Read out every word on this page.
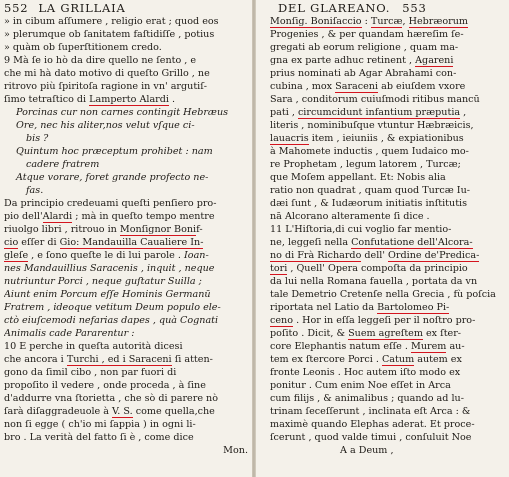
552 LA GRILLAIA
» in cibum aſſumere , religio erat ; quod eos
» plerumque ob ſanitatem faſtidiſſe , potius
» quàm ob ſuperſtitionem credo.
9 Mà ſe io hò da dire quello ne ſento , e
che mi hà dato motivo di queſto Grillo , ne
ritrovo più ſpiritoſa ragione in vn' argutiſ-
ſimo tetraſtico di Lamperto Alardi .
Porcinas cur non carnes contingit Hebræus
Ore, nec his aliter,nos velut vſque ci-
bis ?
Quintum hoc præceptum prohibet : nam
cadere fratrem
Atque vorare, foret grande profecto ne-
fas.
Da principio credeuami queſti penſiero pro-
pio dell'Alardi ; mà in queſto tempo mentre
riuolgo libri , ritrouo in Monſignor Bonif-
cio eſſer di Gio: Mandauilla Caualiere In-
gleſe , e ſono queſte le di lui parole . Ioan-
nes Mandauillius Saracenis , inquit , neque
nutriuntur Porci , neque guſtatur Suilla ;
Aiunt enim Porcum eſſe Hominis Germanū
Fratrem , ideoque vetitum Deum populo ele-
ctò eiuſcemodi nefarias dapes , quà Cognati
Animalis cade Pararentur :
10 E perche in queſta autorità dicesi
che ancora i Turchi , ed i Saraceni ſi atten-
gono da ſimil cibo , non par fuori di
propoſito il vedere , onde proceda , à ſine
d'addurre vna ſtorietta , che sò di parere nò
ſarà diſaggradeuole à V. S. come quella,che
non ſi egge ( ch'io mi ſappia ) in ogni li-
bro . La verità del fatto ſi è , come dice
Mon.
DEL GLAREANO. 553
Monſig. Boniſaccio : Turcæ, Hebræorum
Progenies , & per quandam hæreſim ſe-
gregati ab eorum religione , quam ma-
gna ex parte adhuc retinent , Agareni
prius nominati ab Agar Abrahami con-
cubina , mox Saraceni ab eiuſdem vxore
Sara , conditorum cuiuſmodi ritibus mancū
pati , circumcidunt infantium præputia ,
literis , nominibuſque vtuntur Hæbræicis,
lauacris item , ieiuniis , & expiationibus
à Mahomete inductis , quem Iudaico mo-
re Prophetam , legum latorem , Turcæ;
que Moſem appellant. Et: Nobis alia
ratio non quadrat , quam quod Turcæ Iu-
dæi ſunt , & Iudæorum initiatis inſtitutis
nā Alcorano alteramente ſi dice .
11 L'Hiſtoria,di cui voglio far mentio-
ne, leggeſi nella Confutatione dell'Alcora-
no di Frà Richardo dell' Ordine de'Predica-
tori , Quell' Opera compoſta da principio
da lui nella Romana fauella , portata da vn
tale Demetrio Cretenſe nella Grecia , fù poſcia
riportata nel Latio da Bartolomeo Pi-
ceno . Hor in eſſa leggeſi per il noſtro pro-
poſito . Dicit, & Suem agreſtem ex ſter-
core Elephantis natum eſſe . Murem au-
tem ex ſtercore Porci . Catum autem ex
fronte Leonis . Hoc autem iſto modo ex
ponitur . Cum enim Noe eſſet in Arca
cum filijs , & animalibus ; quando ad lu-
trinam ſeceſſerunt , inclinata eſt Arca : &
maximè quando Elephas aderat. Et proce-
ſcerunt , quod valde timui , conſuluit Noe
A a Deum ,
